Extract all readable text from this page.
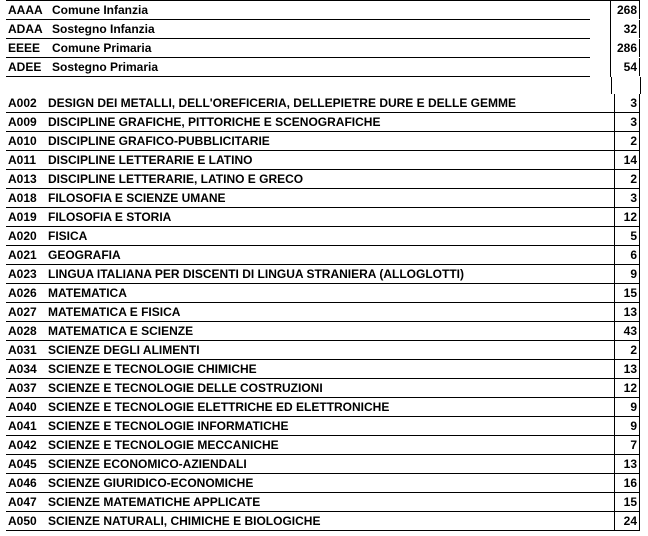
AAAA Comune Infanzia	268
ADAA Sostegno Infanzia	32
EEEE Comune Primaria	286
ADEE Sostegno Primaria	54
A002 DESIGN DEI METALLI, DELL'OREFICERIA, DELLEPIETRE DURE E DELLE GEMME	3
A009 DISCIPLINE GRAFICHE, PITTORICHE E SCENOGRAFICHE	3
A010 DISCIPLINE GRAFICO-PUBBLICITARIE	2
A011 DISCIPLINE LETTERARIE E LATINO	14
A013 DISCIPLINE LETTERARIE, LATINO E GRECO	2
A018 FILOSOFIA E SCIENZE UMANE	3
A019 FILOSOFIA E STORIA	12
A020 FISICA	5
A021 GEOGRAFIA	6
A023 LINGUA ITALIANA PER DISCENTI DI LINGUA STRANIERA (ALLOGLOTTI)	9
A026 MATEMATICA	15
A027 MATEMATICA E FISICA	13
A028 MATEMATICA E SCIENZE	43
A031 SCIENZE DEGLI ALIMENTI	2
A034 SCIENZE E TECNOLOGIE CHIMICHE	13
A037 SCIENZE E TECNOLOGIE DELLE COSTRUZIONI	12
A040 SCIENZE E TECNOLOGIE ELETTRICHE ED ELETTRONICHE	9
A041 SCIENZE E TECNOLOGIE INFORMATICHE	9
A042 SCIENZE E TECNOLOGIE MECCANICHE	7
A045 SCIENZE ECONOMICO-AZIENDALI	13
A046 SCIENZE GIURIDICO-ECONOMICHE	16
A047 SCIENZE MATEMATICHE APPLICATE	15
A050 SCIENZE NATURALI, CHIMICHE E BIOLOGICHE	24
